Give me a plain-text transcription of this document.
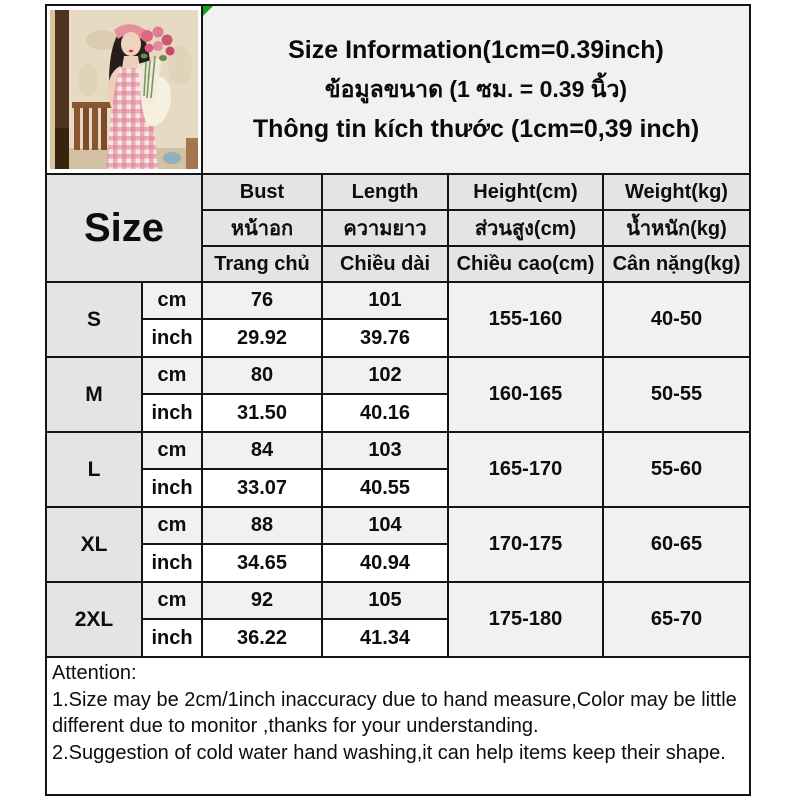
Size Information(1cm=0.39inch)
ข้อมูลขนาด (1 ซม. = 0.39 นิ้ว)
Thông tin kích thước (1cm=0,39 inch)			

Size		Bust	Length	Height(cm)	Weight(kg)
		หน้าอก	ความยาว	ส่วนสูง(cm)	น้ำหนัก(kg)
		Trang chủ	Chiều dài	Chiều cao(cm)	Cân nặng(kg)
S	cm	76	101	155-160	40-50
	inch	29.92	39.76		
M	cm	80	102	160-165	50-55
	inch	31.50	40.16		
L	cm	84	103	165-170	55-60
	inch	33.07	40.55		
XL	cm	88	104	170-175	60-65
	inch	34.65	40.94		
2XL	cm	92	105	175-180	65-70
	inch	36.22	41.34		

Attention:
1.Size may be 2cm/1inch inaccuracy due to hand measure,Color may be little different due to monitor ,thanks for your understanding.
2.Suggestion of cold water hand washing,it can help items keep their shape.					
